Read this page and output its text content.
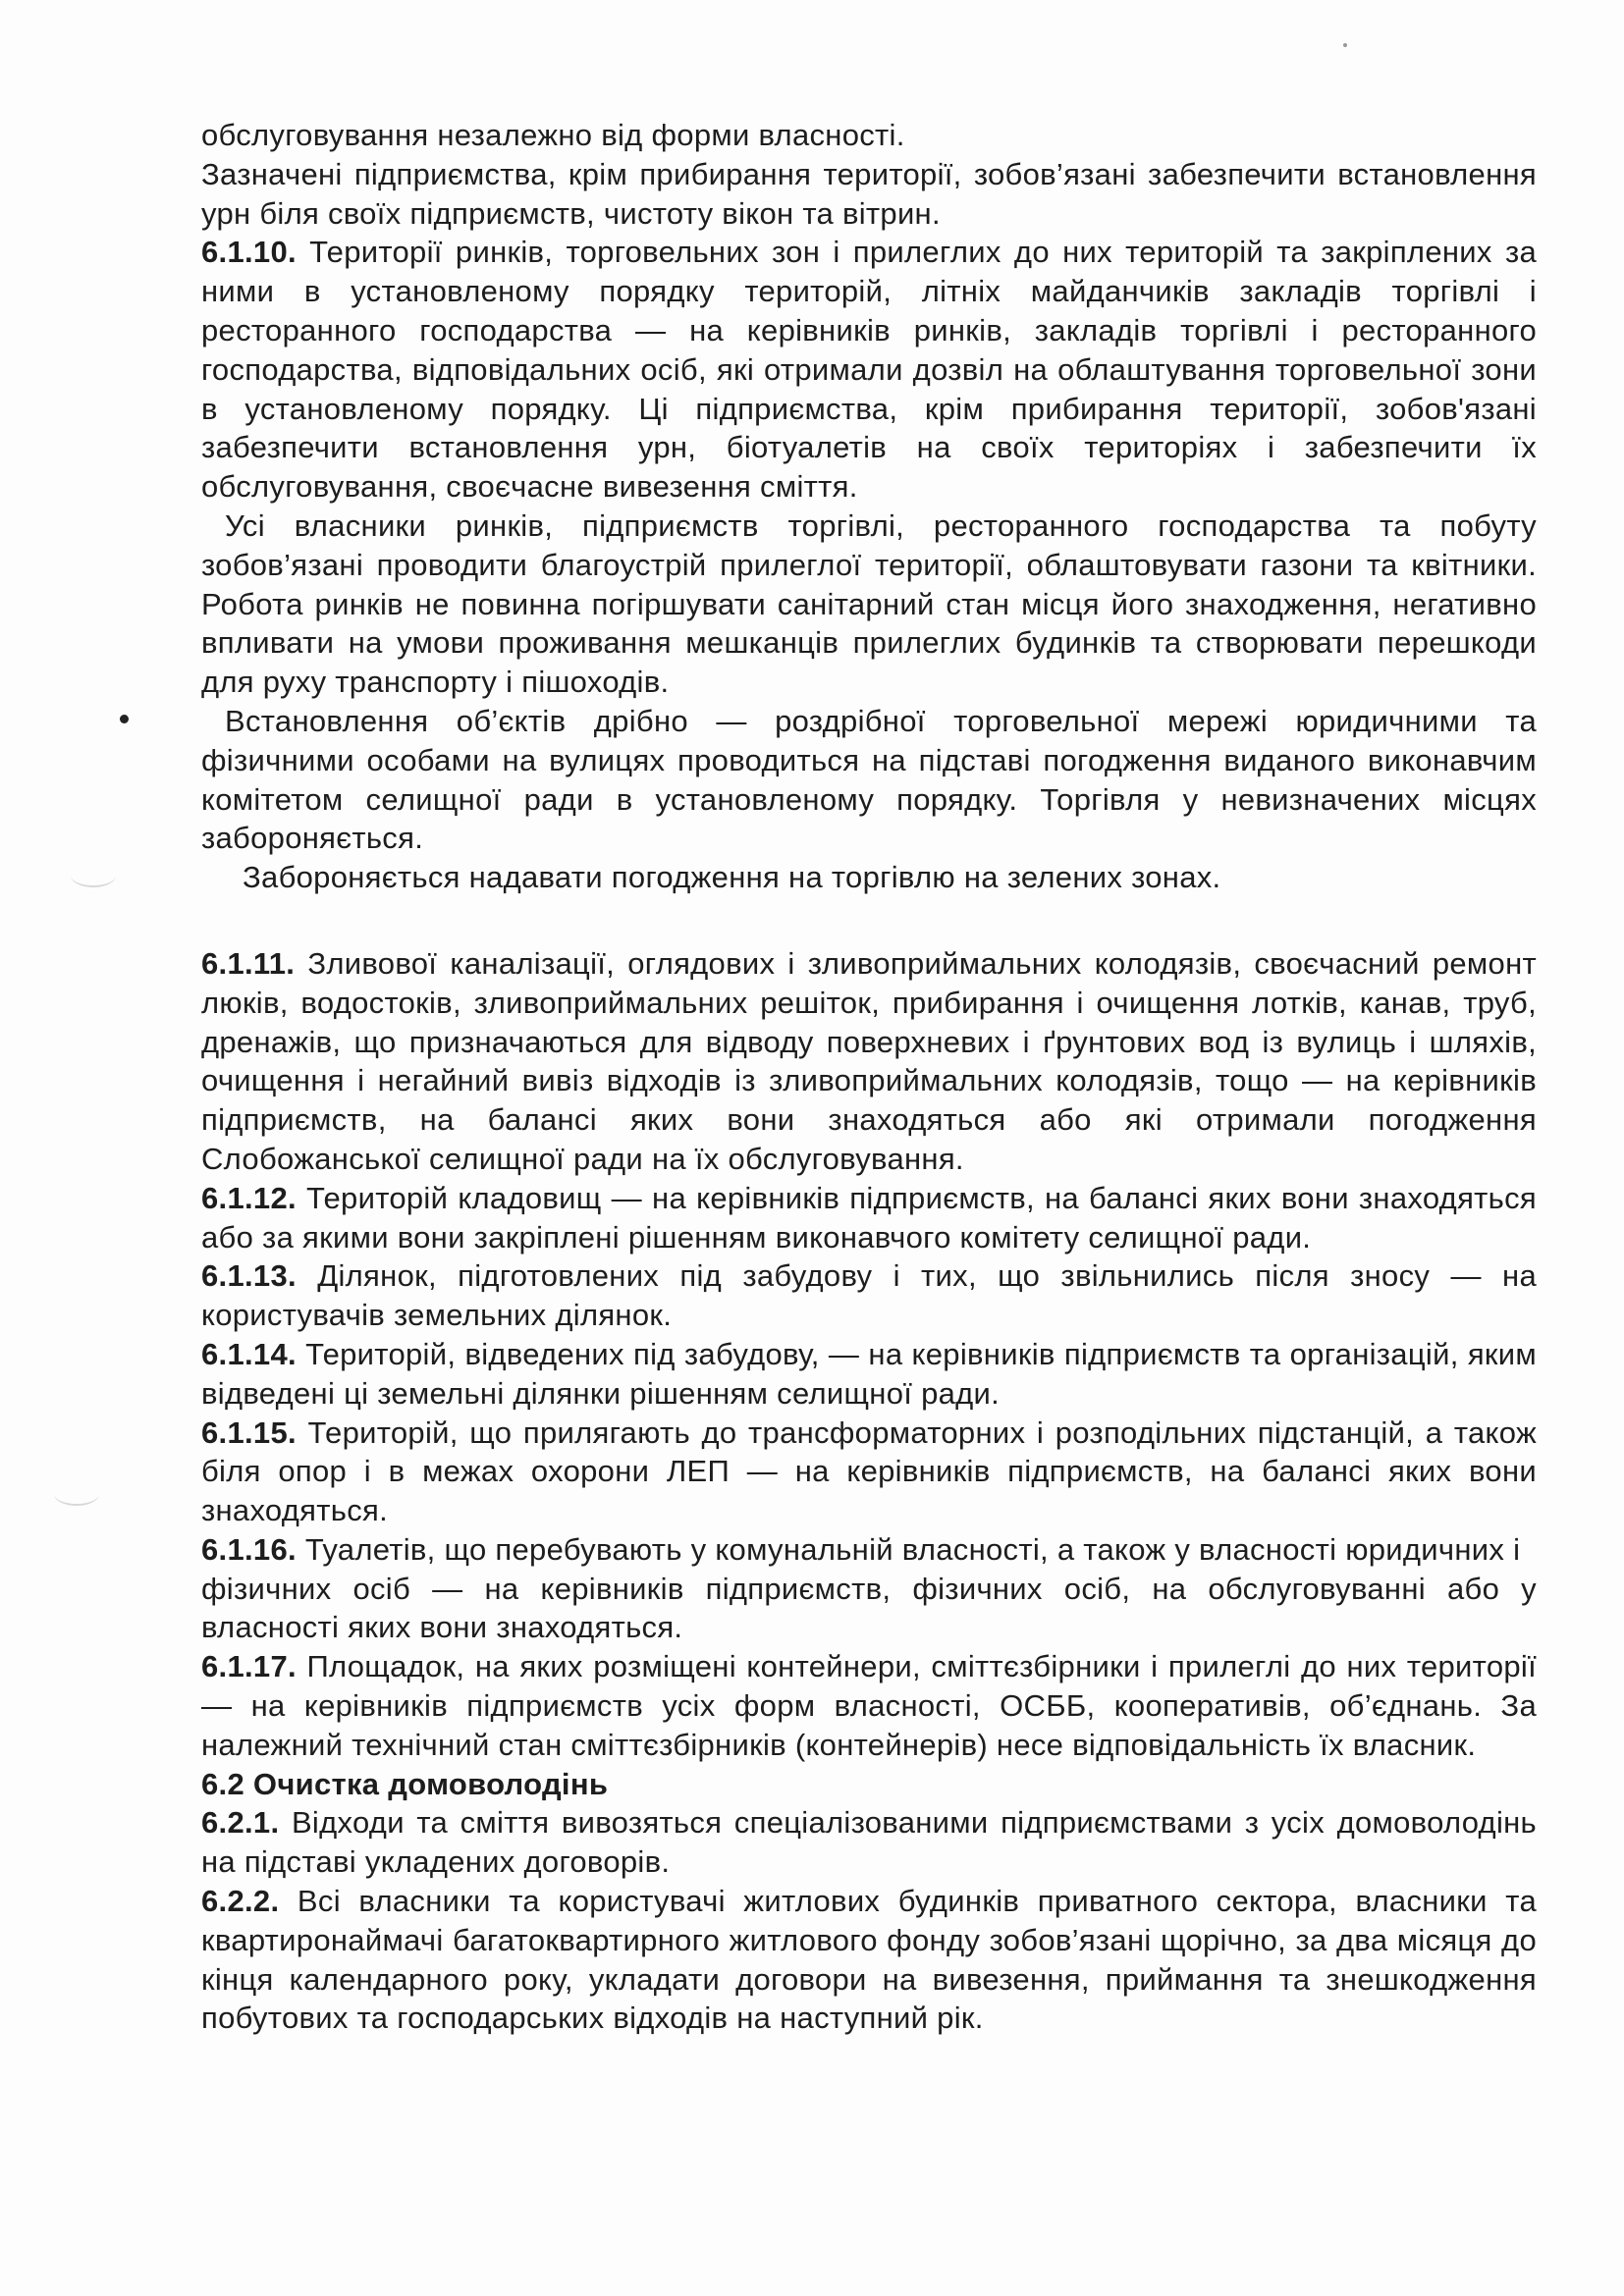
обслуговування незалежно від форми власності.

Зазначені підприємства, крім прибирання території, зобов’язані забезпечити встановлення урн біля своїх підприємств, чистоту вікон та вітрин.

6.1.10. Території ринків, торговельних зон і прилеглих до них територій та закріплених за ними в установленому порядку територій, літніх майданчиків закладів торгівлі і ресторанного господарства — на керівників ринків, закладів торгівлі і ресторанного господарства, відповідальних осіб, які отримали дозвіл на облаштування торговельної зони в установленому порядку. Ці підприємства, крім прибирання території, зобов'язані забезпечити встановлення урн, біотуалетів на своїх територіях і забезпечити їх обслуговування, своєчасне вивезення сміття.

Усі власники ринків, підприємств торгівлі, ресторанного господарства та побуту зобов’язані проводити благоустрій прилеглої території, облаштовувати газони та квітники. Робота ринків не повинна погіршувати санітарний стан місця його знаходження, негативно впливати на умови проживання мешканців прилеглих будинків та створювати перешкоди для руху транспорту і пішоходів.

Встановлення об’єктів дрібно — роздрібної торговельної мережі юридичними та фізичними особами на вулицях проводиться на підставі погодження виданого виконавчим комітетом селищної ради в установленому порядку. Торгівля у невизначених місцях забороняється.

Забороняється надавати погодження на торгівлю на зелених зонах.

6.1.11. Зливової каналізації, оглядових і зливоприймальних колодязів, своєчасний ремонт люків, водостоків, зливоприймальних решіток, прибирання і очищення лотків, канав, труб, дренажів, що призначаються для відводу поверхневих і ґрунтових вод із вулиць і шляхів, очищення і негайний вивіз відходів із зливоприймальних колодязів, тощо — на керівників підприємств, на балансі яких вони знаходяться або які отримали погодження Слобожанської селищної ради на їх обслуговування.

6.1.12. Територій кладовищ — на керівників підприємств, на балансі яких вони знаходяться або за якими вони закріплені рішенням виконавчого комітету селищної ради.

6.1.13. Ділянок, підготовлених під забудову і тих, що звільнились після зносу — на користувачів земельних ділянок.

6.1.14. Територій, відведених під забудову, — на керівників підприємств та організацій, яким відведені ці земельні ділянки рішенням селищної ради.

6.1.15. Територій, що прилягають до трансформаторних і розподільних підстанцій, а також біля опор і в межах охорони ЛЕП — на керівників підприємств, на балансі яких вони знаходяться.

6.1.16. Туалетів, що перебувають у комунальній власності, а також у власності юридичних і

фізичних осіб — на керівників підприємств, фізичних осіб, на обслуговуванні або у власності яких вони знаходяться.

6.1.17. Площадок, на яких розміщені контейнери, сміттєзбірники і прилеглі до них території — на керівників підприємств усіх форм власності, ОСББ, кооперативів, об’єднань. За належний технічний стан сміттєзбірників (контейнерів) несе відповідальність їх власник.

6.2 Очистка домоволодінь

6.2.1. Відходи та сміття вивозяться спеціалізованими підприємствами з усіх домоволодінь на підставі укладених договорів.

6.2.2. Всі власники та користувачі житлових будинків приватного сектора, власники та квартиронаймачі багатоквартирного житлового фонду зобов’язані щорічно, за два місяця до кінця календарного року, укладати договори на вивезення, приймання та знешкодження побутових та господарських відходів на наступний рік.
